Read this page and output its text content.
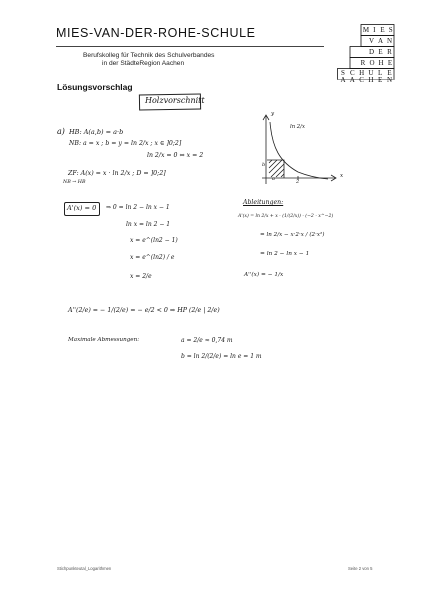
MIES-VAN-DER-ROHE-SCHULE
Berufskolleg für Technik des Schulverbandes
in der StädteRegion Aachen
M I E S
V A N
D E R
R O H E
S C H U L E
A A C H E N
Lösungsvorschlag
Holzvorschnitt
a) HB: A(a,b) = a·b
NB: a = x ; b = y = ln 2/x ; x ∈ ]0;2]
ln 2/x = 0 ⇔ x = 2
ZF: A(x) = x · ln 2/x ; D = ]0;2]
NB → HB
y
x
ln 2/x
a
b
2
A'(x) = 0 ⇒ 0 = ln 2 − ln x − 1
ln x = ln 2 − 1
x = e^(ln2 − 1)
x = e^(ln2) / e
x = 2/e
Ableitungen:
A'(x) = ln 2/x + x · (1/(2/x)) · (−2 · x^−2)
= ln 2/x − x·2·x / (2·x²)
= ln 2 − ln x − 1
A''(x) = − 1/x
A''(2/e) = − 1/(2/e) = − e/2 < 0 ⇒ HP (2/e | 2/e)
Maximale Abmessungen:	a = 2/e ≈ 0,74 m
b = ln 2/(2/e) = ln e = 1 m
Stichpunkteutal_Logarithmen	Seite 2 von 5
